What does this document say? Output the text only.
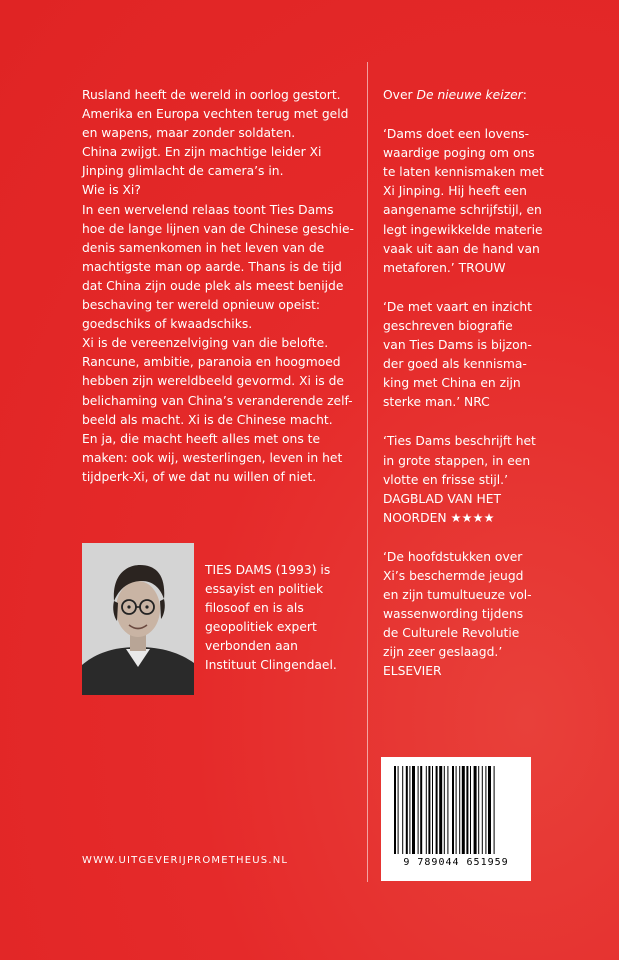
Rusland heeft de wereld in oorlog gestort.

Amerika en Europa vechten terug met geld

en wapens, maar zonder soldaten.

China zwijgt. En zijn machtige leider Xi

Jinping glimlacht de camera’s in.

Wie is Xi?

In een wervelend relaas toont Ties Dams

hoe de lange lijnen van de Chinese geschie-

denis samenkomen in het leven van de

machtigste man op aarde. Thans is de tijd

dat China zijn oude plek als meest benijde

beschaving ter wereld opnieuw opeist:

goedschiks of kwaadschiks.

Xi is de vereenzelviging van die belofte.

Rancune, ambitie, paranoia en hoogmoed

hebben zijn wereldbeeld gevormd. Xi is de

belichaming van China’s veranderende zelf-

beeld als macht. Xi is de Chinese macht.

En ja, die macht heeft alles met ons te

maken: ook wij, westerlingen, leven in het

tijdperk-Xi, of we dat nu willen of niet.

TIES DAMS (1993) is
essayist en politiek
filosoof en is als
geopolitiek expert
verbonden aan
Instituut Clingendael.
WWW.UITGEVERIJPROMETHEUS.NL
Over De nieuwe keizer:
‘Dams doet een lovens-
waardige poging om ons
te laten kennismaken met
Xi Jinping. Hij heeft een
aangename schrijfstijl, en
legt ingewikkelde materie
vaak uit aan de hand van
metaforen.’ TROUW
‘De met vaart en inzicht
geschreven biografie
van Ties Dams is bijzon-
der goed als kennisma-
king met China en zijn
sterke man.’ NRC
‘Ties Dams beschrijft het
in grote stappen, in een
vlotte en frisse stijl.’
DAGBLAD VAN HET
NOORDEN ★★★★
‘De hoofdstukken over
Xi’s beschermde jeugd
en zijn tumultueuze vol-
wassenwording tijdens
de Culturele Revolutie
zijn zeer geslaagd.’
ELSEVIER
9 789044 651959
